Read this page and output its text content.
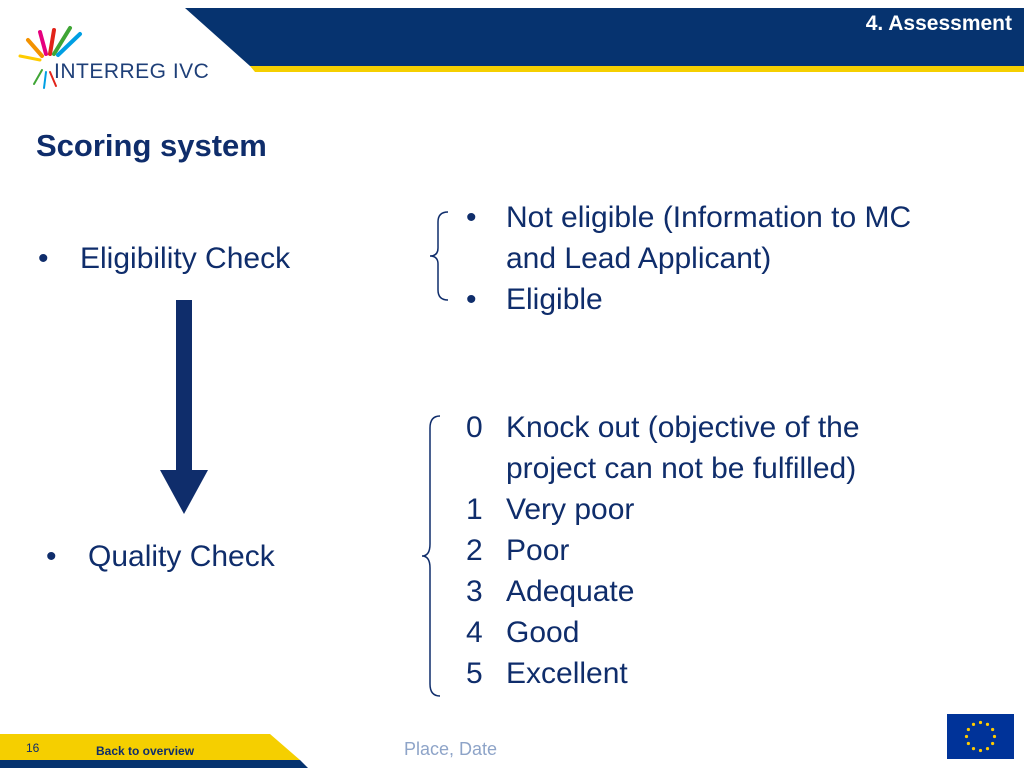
4. Assessment
INTERREG IVC
Scoring system
• Eligibility Check
• Quality Check
• Not eligible (Information to MC
and Lead Applicant)
• Eligible
0 Knock out (objective of the
project can not be fulfilled)
1 Very poor
2 Poor
3 Adequate
4 Good
5 Excellent
16	Back to overview	Place, Date
